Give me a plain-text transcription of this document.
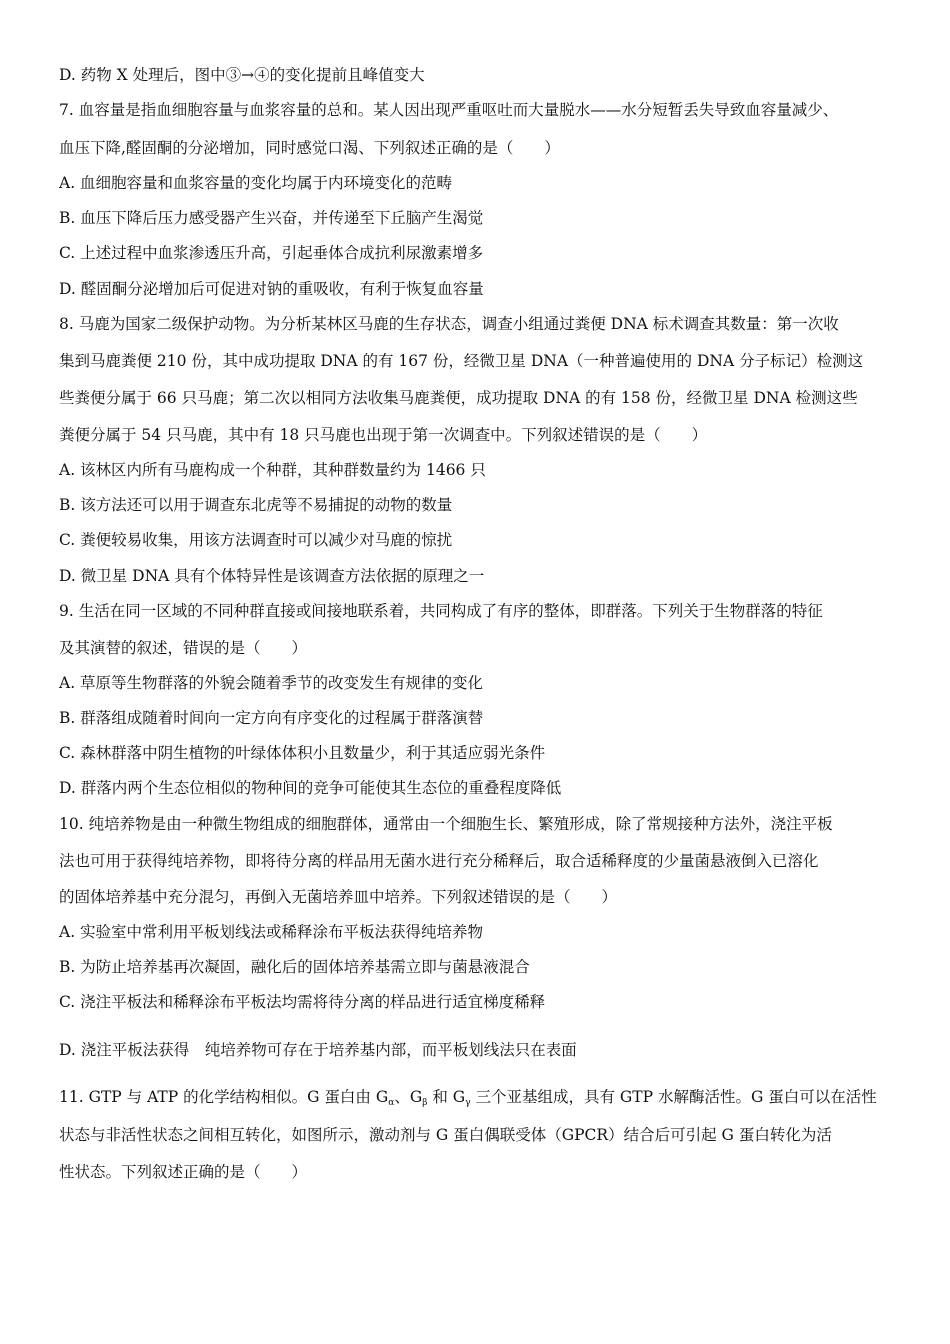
D. 药物 X 处理后，图中③→④的变化提前且峰值变大
7. 血容量是指血细胞容量与血浆容量的总和。某人因出现严重呕吐而大量脱水——水分短暂丢失导致血容量减少、
血压下降,醛固酮的分泌增加，同时感觉口渴、下列叙述正确的是（　　）
A. 血细胞容量和血浆容量的变化均属于内环境变化的范畴
B. 血压下降后压力感受器产生兴奋，并传递至下丘脑产生渴觉
C. 上述过程中血浆渗透压升高，引起垂体合成抗利尿激素增多
D. 醛固酮分泌增加后可促进对钠的重吸收，有利于恢复血容量
8. 马鹿为国家二级保护动物。为分析某林区马鹿的生存状态，调查小组通过粪便 DNA 标术调查其数量：第一次收
集到马鹿粪便 210 份，其中成功提取 DNA 的有 167 份，经微卫星 DNA（一种普遍使用的 DNA 分子标记）检测这
些粪便分属于 66 只马鹿；第二次以相同方法收集马鹿粪便，成功提取 DNA 的有 158 份，经微卫星 DNA 检测这些
粪便分属于 54 只马鹿，其中有 18 只马鹿也出现于第一次调查中。下列叙述错误的是（　　）
A. 该林区内所有马鹿构成一个种群，其种群数量约为 1466 只
B. 该方法还可以用于调查东北虎等不易捕捉的动物的数量
C. 粪便较易收集，用该方法调查时可以减少对马鹿的惊扰
D. 微卫星 DNA 具有个体特异性是该调查方法依据的原理之一
9. 生活在同一区域的不同种群直接或间接地联系着，共同构成了有序的整体，即群落。下列关于生物群落的特征
及其演替的叙述，错误的是（　　）
A. 草原等生物群落的外貌会随着季节的改变发生有规律的变化
B. 群落组成随着时间向一定方向有序变化的过程属于群落演替
C. 森林群落中阴生植物的叶绿体体积小且数量少，利于其适应弱光条件
D. 群落内两个生态位相似的物种间的竞争可能使其生态位的重叠程度降低
10. 纯培养物是由一种微生物组成的细胞群体，通常由一个细胞生长、繁殖形成，除了常规接种方法外，浇注平板
法也可用于获得纯培养物，即将待分离的样品用无菌水进行充分稀释后，取合适稀释度的少量菌悬液倒入已溶化
的固体培养基中充分混匀，再倒入无菌培养皿中培养。下列叙述错误的是（　　）
A. 实验室中常利用平板划线法或稀释涂布平板法获得纯培养物
B. 为防止培养基再次凝固，融化后的固体培养基需立即与菌悬液混合
C. 浇注平板法和稀释涂布平板法均需将待分离的样品进行适宜梯度稀释
D. 浇注平板法获得　纯培养物可存在于培养基内部，而平板划线法只在表面
11. GTP 与 ATP 的化学结构相似。G 蛋白由 $G_\alpha$、$G_\beta$ 和 $G_\gamma$ 三个亚基组成，具有 GTP 水解酶活性。G 蛋白可以在活性
状态与非活性状态之间相互转化，如图所示，激动剂与 G 蛋白偶联受体（GPCR）结合后可引起 G 蛋白转化为活
性状态。下列叙述正确的是（　　）
